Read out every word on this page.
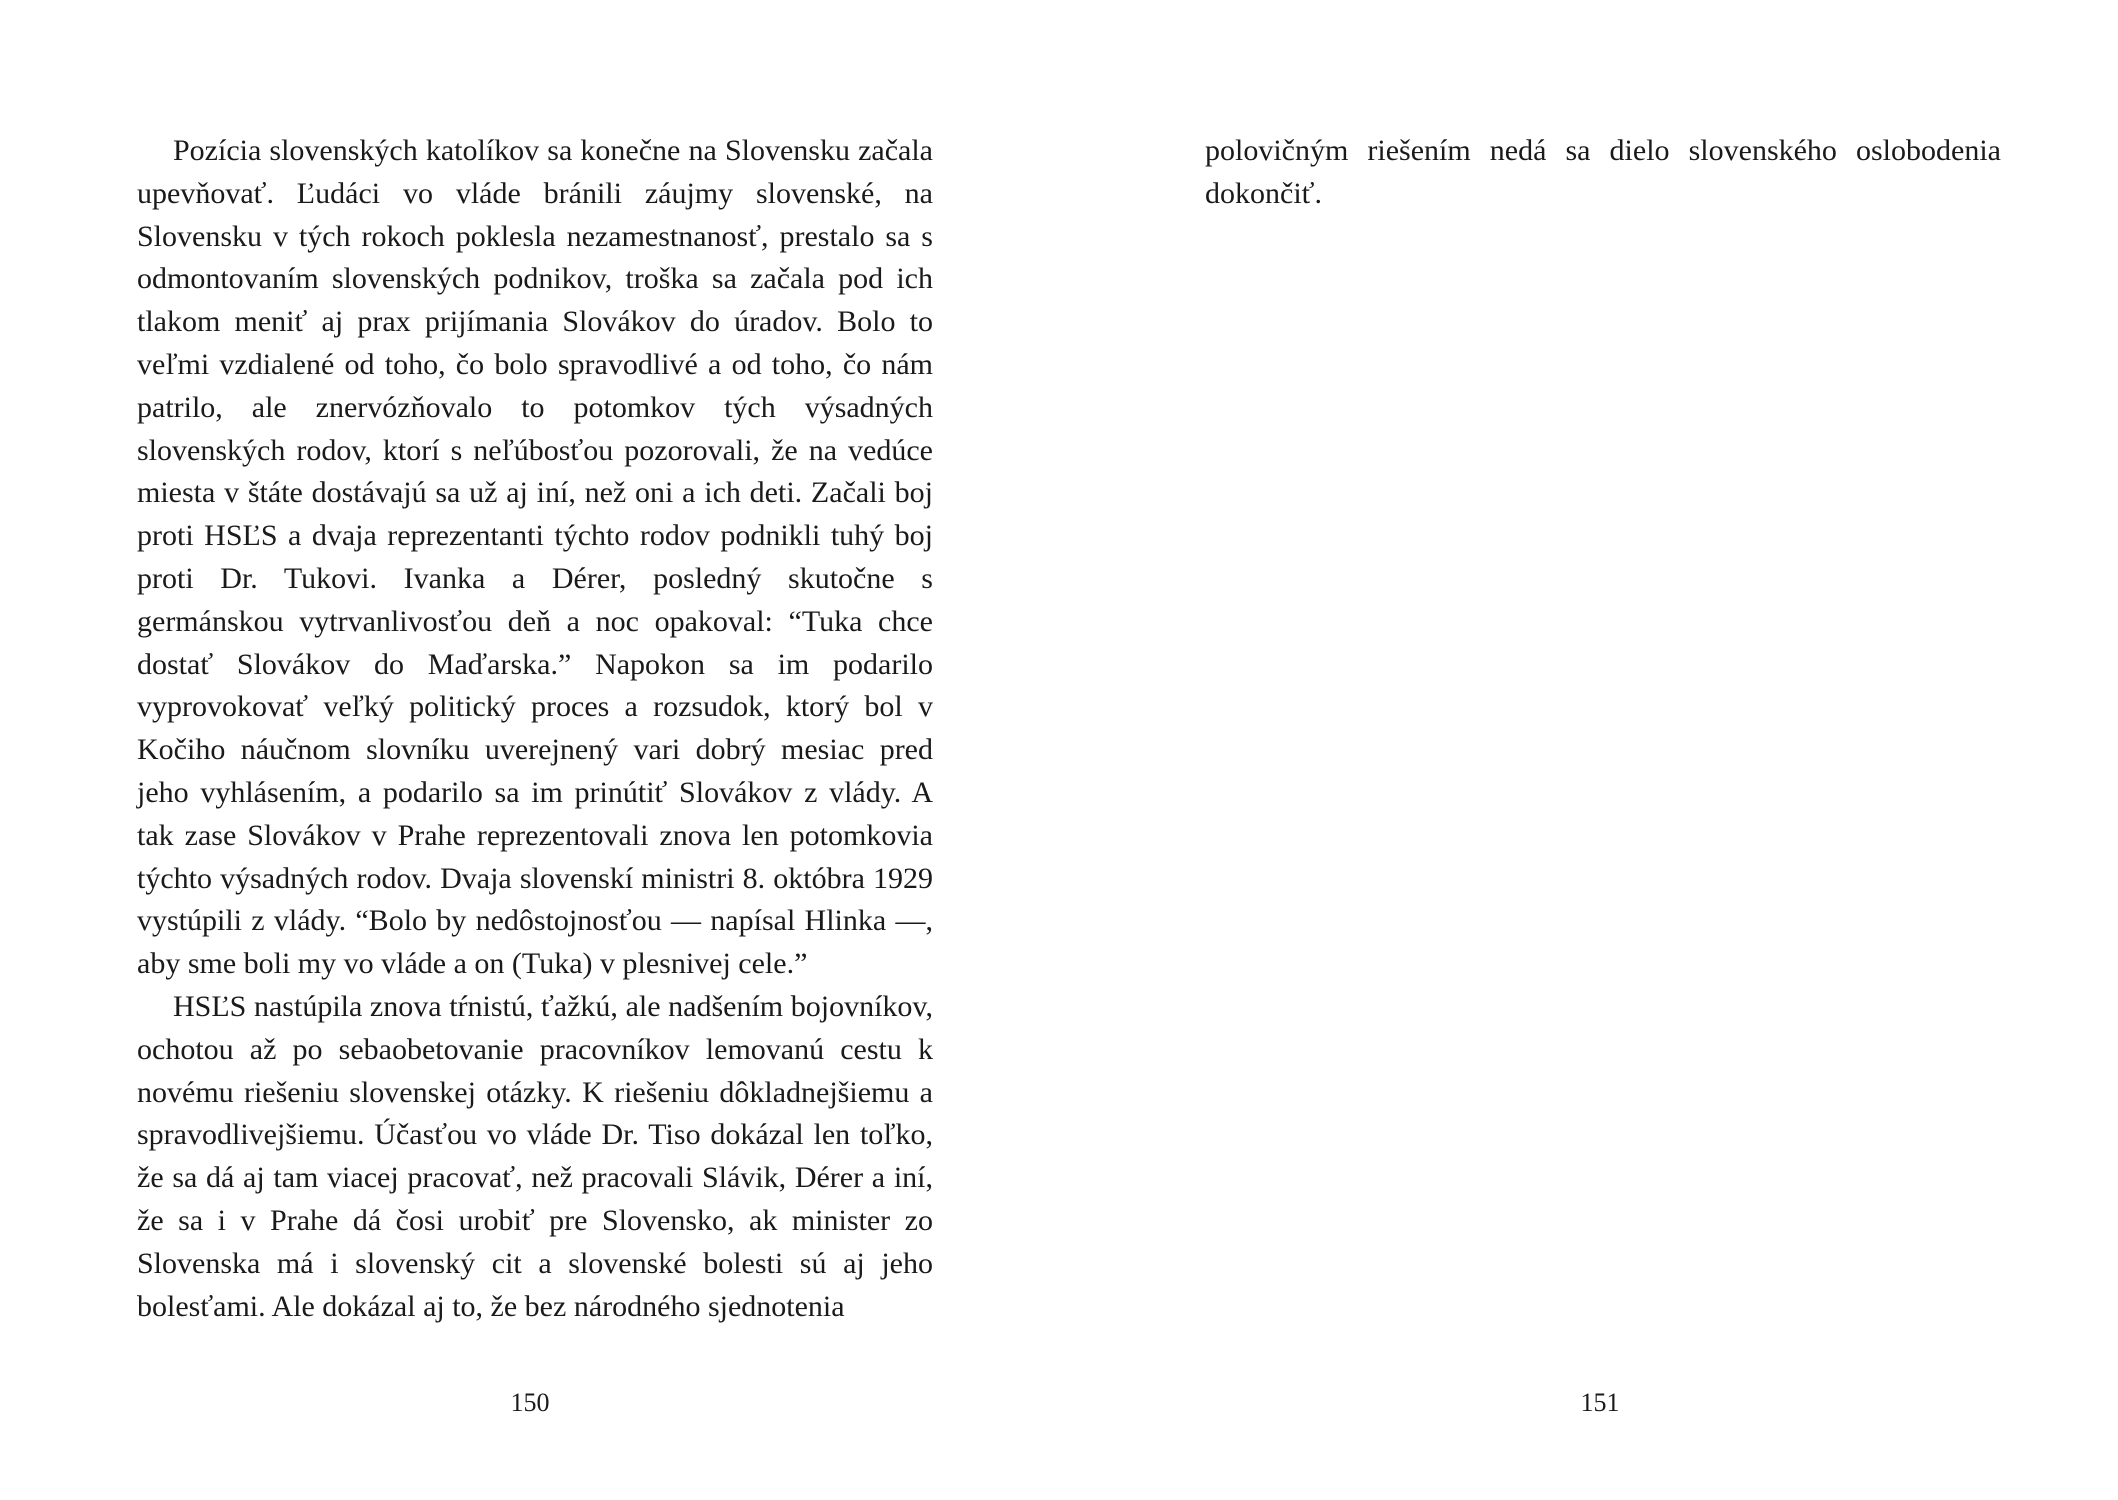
Pozícia slovenských katolíkov sa konečne na Slovensku začala upevňovať. Ľudáci vo vláde bránili záujmy slovenské, na Slovensku v tých rokoch poklesla nezamestnanosť, prestalo sa s odmontovaním slovenských podnikov, troška sa začala pod ich tlakom meniť aj prax prijímania Slovákov do úradov. Bolo to veľmi vzdialené od toho, čo bolo spravodlivé a od toho, čo nám patrilo, ale znervózňovalo to potomkov tých výsadných slovenských rodov, ktorí s neľúbosťou pozorovali, že na vedúce miesta v štáte dostávajú sa už aj iní, než oni a ich deti. Začali boj proti HSĽS a dvaja reprezentanti týchto rodov podnikli tuhý boj proti Dr. Tukovi. Ivanka a Dérer, posledný skutočne s germánskou vytrvanlivosťou deň a noc opakoval: “Tuka chce dostať Slovákov do Maďarska.” Napokon sa im podarilo vyprovokovať veľký politický proces a rozsudok, ktorý bol v Kočiho náučnom slovníku uverejnený vari dobrý mesiac pred jeho vyhlásením, a podarilo sa im prinútiť Slovákov z vlády. A tak zase Slovákov v Prahe reprezentovali znova len potomkovia týchto výsadných rodov. Dvaja slovenskí ministri 8. októbra 1929 vystúpili z vlády. “Bolo by nedôstojnosťou — napísal Hlinka —, aby sme boli my vo vláde a on (Tuka) v plesnivej cele.”

HSĽS nastúpila znova tŕnistú, ťažkú, ale nadšením bojovníkov, ochotou až po sebaobetovanie pracovníkov lemovanú cestu k novému riešeniu slovenskej otázky. K riešeniu dôkladnejšiemu a spravodlivejšiemu. Účasťou vo vláde Dr. Tiso dokázal len toľko, že sa dá aj tam viacej pracovať, než pracovali Slávik, Dérer a iní, že sa i v Prahe dá čosi urobiť pre Slovensko, ak minister zo Slovenska má i slovenský cit a slovenské bolesti sú aj jeho bolesťami. Ale dokázal aj to, že bez národného sjednotenia

polovičným riešením nedá sa dielo slovenského oslobodenia dokončiť.

150	151
